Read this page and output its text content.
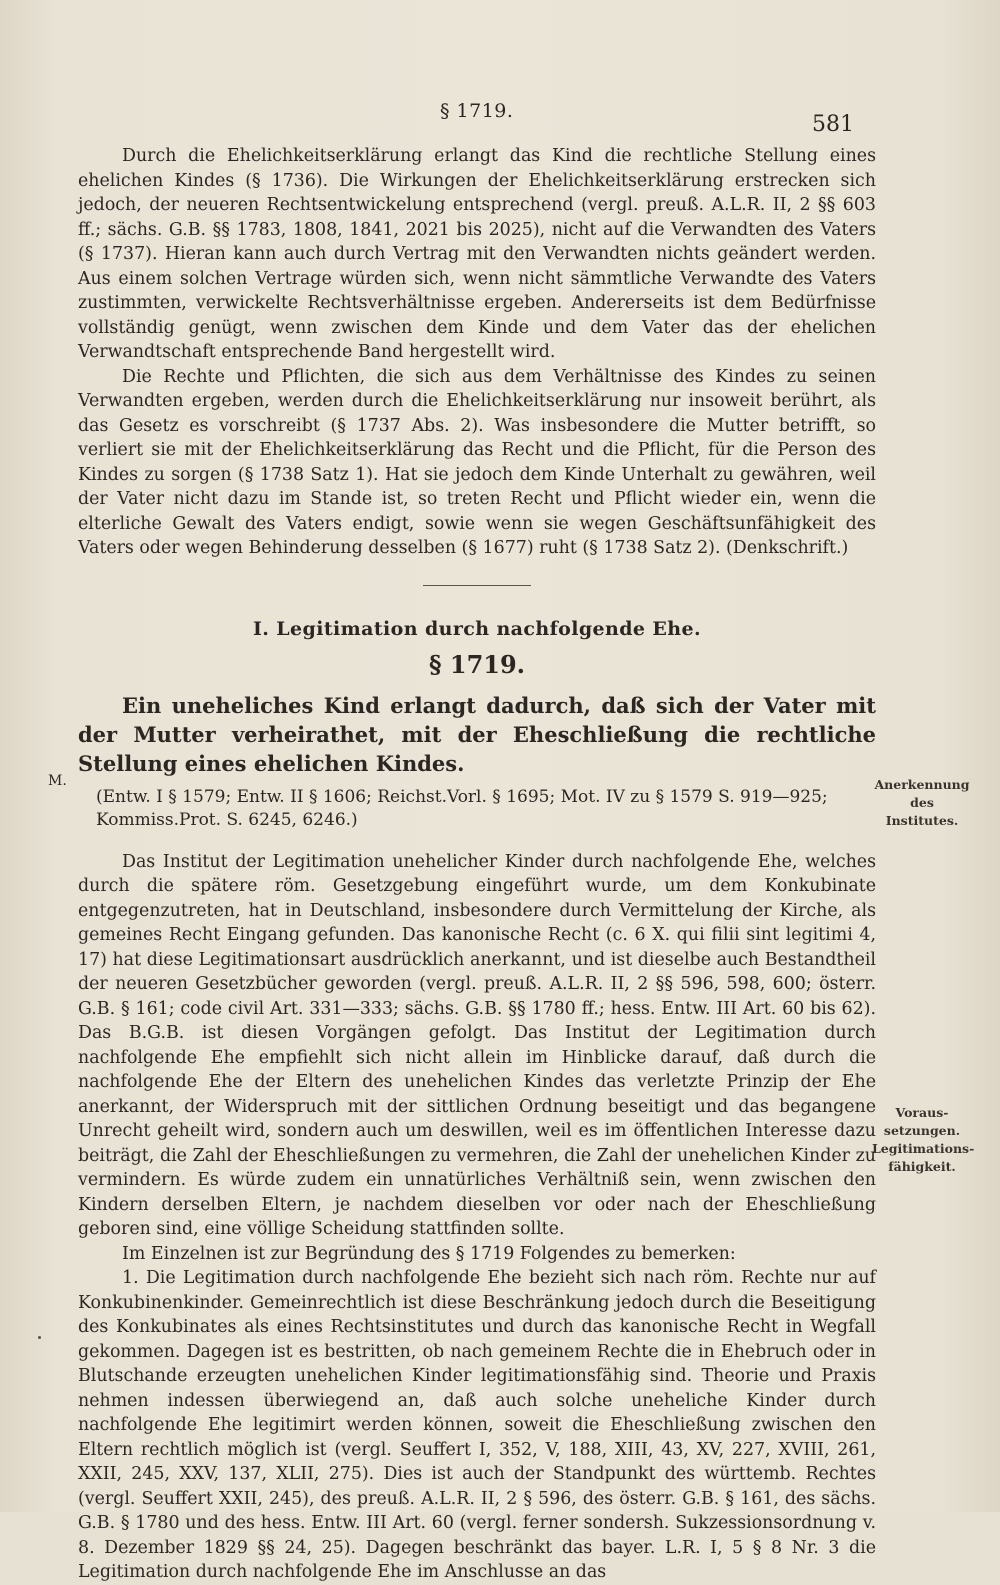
§ 1719.
581
M.	Anerkennung
des Institutes.
Voraus-
setzungen.
Legitimations-
fähigkeit.

Durch die Ehelichkeitserklärung erlangt das Kind die rechtliche Stellung eines ehelichen Kindes (§ 1736). Die Wirkungen der Ehelichkeitserklärung erstrecken sich jedoch, der neueren Rechtsentwickelung entsprechend (vergl. preuß. A.L.R. II, 2 §§ 603 ff.; sächs. G.B. §§ 1783, 1808, 1841, 2021 bis 2025), nicht auf die Verwandten des Vaters (§ 1737). Hieran kann auch durch Vertrag mit den Verwandten nichts geändert werden. Aus einem solchen Vertrage würden sich, wenn nicht sämmtliche Verwandte des Vaters zustimmten, verwickelte Rechtsverhältnisse ergeben. Andererseits ist dem Bedürfnisse vollständig genügt, wenn zwischen dem Kinde und dem Vater das der ehelichen Verwandtschaft entsprechende Band hergestellt wird.

Die Rechte und Pflichten, die sich aus dem Verhältnisse des Kindes zu seinen Verwandten ergeben, werden durch die Ehelichkeitserklärung nur insoweit berührt, als das Gesetz es vorschreibt (§ 1737 Abs. 2). Was insbesondere die Mutter betrifft, so verliert sie mit der Ehelichkeitserklärung das Recht und die Pflicht, für die Person des Kindes zu sorgen (§ 1738 Satz 1). Hat sie jedoch dem Kinde Unterhalt zu gewähren, weil der Vater nicht dazu im Stande ist, so treten Recht und Pflicht wieder ein, wenn die elterliche Gewalt des Vaters endigt, sowie wenn sie wegen Geschäftsunfähigkeit des Vaters oder wegen Behinderung desselben (§ 1677) ruht (§ 1738 Satz 2). (Denkschrift.)

I. Legitimation durch nachfolgende Ehe.
§ 1719.

Ein uneheliches Kind erlangt dadurch, daß sich der Vater mit der Mutter verheirathet, mit der Eheschließung die rechtliche Stellung eines ehelichen Kindes.

(Entw. I § 1579; Entw. II § 1606; Reichst.Vorl. § 1695; Mot. IV zu § 1579 S. 919—925;
Kommiss.Prot. S. 6245, 6246.)

Das Institut der Legitimation unehelicher Kinder durch nachfolgende Ehe, welches durch die spätere röm. Gesetzgebung eingeführt wurde, um dem Konkubinate entgegenzutreten, hat in Deutschland, insbesondere durch Vermittelung der Kirche, als gemeines Recht Eingang gefunden. Das kanonische Recht (c. 6 X. qui filii sint legitimi 4, 17) hat diese Legitimationsart ausdrücklich anerkannt, und ist dieselbe auch Bestandtheil der neueren Gesetzbücher geworden (vergl. preuß. A.L.R. II, 2 §§ 596, 598, 600; österr. G.B. § 161; code civil Art. 331—333; sächs. G.B. §§ 1780 ff.; hess. Entw. III Art. 60 bis 62). Das B.G.B. ist diesen Vorgängen gefolgt. Das Institut der Legitimation durch nachfolgende Ehe empfiehlt sich nicht allein im Hinblicke darauf, daß durch die nachfolgende Ehe der Eltern des unehelichen Kindes das verletzte Prinzip der Ehe anerkannt, der Widerspruch mit der sittlichen Ordnung beseitigt und das begangene Unrecht geheilt wird, sondern auch um deswillen, weil es im öffentlichen Interesse dazu beiträgt, die Zahl der Eheschließungen zu vermehren, die Zahl der unehelichen Kinder zu vermindern. Es würde zudem ein unnatürliches Verhältniß sein, wenn zwischen den Kindern derselben Eltern, je nachdem dieselben vor oder nach der Eheschließung geboren sind, eine völlige Scheidung stattfinden sollte.

Im Einzelnen ist zur Begründung des § 1719 Folgendes zu bemerken:

1. Die Legitimation durch nachfolgende Ehe bezieht sich nach röm. Rechte nur auf Konkubinenkinder. Gemeinrechtlich ist diese Beschränkung jedoch durch die Beseitigung des Konkubinates als eines Rechtsinstitutes und durch das kanonische Recht in Wegfall gekommen. Dagegen ist es bestritten, ob nach gemeinem Rechte die in Ehebruch oder in Blutschande erzeugten unehelichen Kinder legitimationsfähig sind. Theorie und Praxis nehmen indessen überwiegend an, daß auch solche uneheliche Kinder durch nachfolgende Ehe legitimirt werden können, soweit die Eheschließung zwischen den Eltern rechtlich möglich ist (vergl. Seuffert I, 352, V, 188, XIII, 43, XV, 227, XVIII, 261, XXII, 245, XXV, 137, XLII, 275). Dies ist auch der Standpunkt des württemb. Rechtes (vergl. Seuffert XXII, 245), des preuß. A.L.R. II, 2 § 596, des österr. G.B. § 161, des sächs. G.B. § 1780 und des hess. Entw. III Art. 60 (vergl. ferner sondersh. Sukzessionsordnung v. 8. Dezember 1829 §§ 24, 25). Dagegen beschränkt das bayer. L.R. I, 5 § 8 Nr. 3 die Legitimation durch nachfolgende Ehe im Anschlusse an das
